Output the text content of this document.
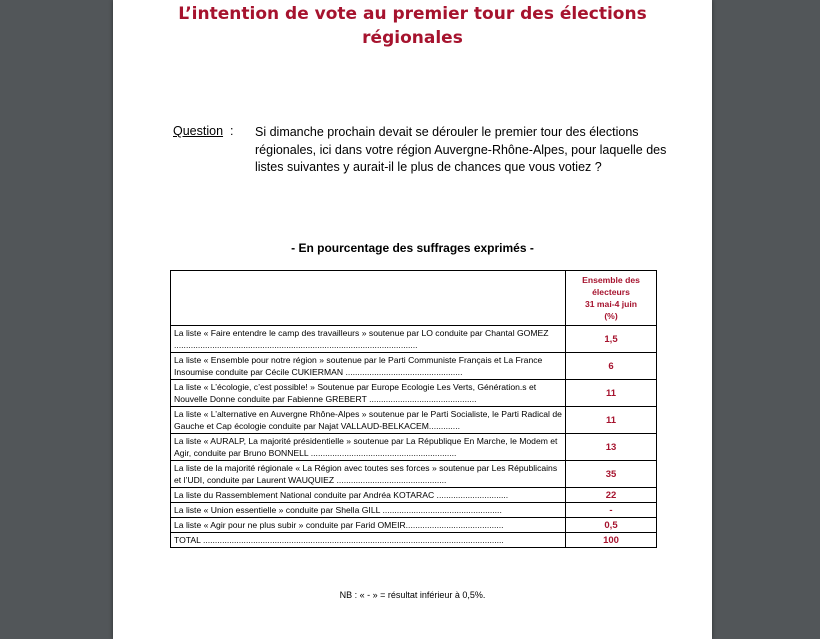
L’intention de vote au premier tour des élections
régionales
Question : Si dimanche prochain devait se dérouler le premier tour des élections régionales, ici dans votre région Auvergne-Rhône-Alpes, pour laquelle des listes suivantes y aurait-il le plus de chances que vous votiez ?
- En pourcentage des suffrages exprimés -

	Ensemble des
électeurs
31 mai-4 juin
(%)

La liste « Faire entendre le camp des travailleurs » soutenue par LO conduite par Chantal GOMEZ ......................................................................................................	1,5
La liste « Ensemble pour notre région » soutenue par le Parti Communiste Français et La France Insoumise conduite par Cécile CUKIERMAN .................................................	6
La liste « L’écologie, c’est possible! » Soutenue par Europe Ecologie Les Verts, Génération.s et Nouvelle Donne conduite par Fabienne GREBERT .............................................	11
La liste « L’alternative en Auvergne Rhône-Alpes » soutenue par le Parti Socialiste, le Parti Radical de Gauche et Cap écologie conduite par Najat VALLAUD-BELKACEM.............	11
La liste « AURALP, La majorité présidentielle » soutenue par La République En Marche, le Modem et Agir, conduite par Bruno BONNELL .............................................................	13
La liste de la majorité régionale « La Région avec toutes ses forces » soutenue par Les Républicains et l’UDI, conduite par Laurent WAUQUIEZ ..............................................	35
La liste du Rassemblement National conduite par Andréa KOTARAC ..............................	22
La liste « Union essentielle » conduite par Shella GILL ..................................................	-
La liste « Agir pour ne plus subir » conduite par Farid OMEIR.........................................	0,5
TOTAL ..............................................................................................................................	100
NB : « - » = résultat inférieur à 0,5%.
